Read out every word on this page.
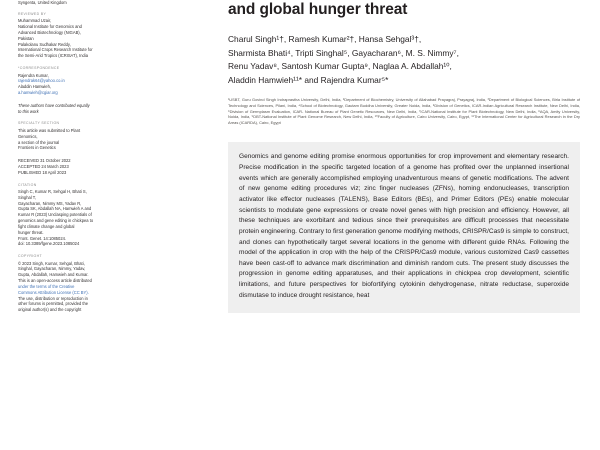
Syngenta, United Kingdom
REVIEWED BY
Muhammad Uzair,
National Institute for Genomics and
Advanced Biotechnology (NIGAB),
Pakistan
Palakolanu Sudhakar Reddy,
International Crops Research Institute for
the Semi-Arid Tropics (ICRISAT), India
*CORRESPONDENCE
Rajendra Kumar,
rajendrak64@yahoo.co.in
Aladdin Hamwieh,
a.hamwieh@cgiar.org
These authors have contributed equally
to this work
SPECIALTY SECTION
This article was submitted to Plant
Genomics,
a section of the journal
Frontiers in Genetics
RECEIVED 31 October 2022
ACCEPTED 24 March 2023
PUBLISHED 18 April 2023
CITATION
Singh C, Kumar R, Sehgal H, Bhati S,
Singhal T,
Gayacharan, Nimmy MS, Yadav R,
Gupta SK, Abdallah NA, Hamwieh A and
Kumar R (2023) Unclasping potentials of
genomics and gene editing in chickpea to
fight climate change and global
hunger threat.
Front. Genet. 14:1085024.
doi: 10.3389/fgene.2023.1085024
COPYRIGHT
© 2023 Singh, Kumar, Sehgal, Bhati,
Singhal, Gayacharan, Nimmy, Yadav,
Gupta, Abdallah, Hamwieh and Kumar.
This is an open-access article distributed
under the terms of the Creative
Commons Attribution License (CC BY).
The use, distribution or reproduction in
other forums is permitted, provided the
original author(s) and the copyright
and global hunger threat
Charul Singh¹†, Ramesh Kumar²†, Hansa Sehgal³†,
Sharmista Bhati⁴, Tripti Singhal⁵, Gayacharan⁶, M. S. Nimmy⁷,
Renu Yadav⁸, Santosh Kumar Gupta⁹, Naglaa A. Abdallah¹⁰,
Aladdin Hamwieh¹¹* and Rajendra Kumar⁵*
¹USBT, Guru Govind Singh Indraprastha University, Delhi, India, ²Department of Biochemistry, University of Allahabad Prayagraj, Prayagraj, India, ³Department of Biological Sciences, Birla Institute of Technology and Sciences, Pilani, India, ⁴School of Biotechnology, Gautam Buddha University, Greater Noida, India, ⁵Division of Genetics, ICAR-Indian Agricultural Research Institute, New Delhi, India, ⁶Division of Germplasm Evaluation, ICAR- National Bureau of Plant Genetic Resources, New Delhi, India, ⁷ICAR-National Institute for Plant Biotechnology, New Delhi, India, ⁸AQA, Amity University, Noida, India, ⁹DBT-National Institute of Plant Genome Research, New Delhi, India, ¹⁰Faculty of Agriculture, Cairo University, Cairo, Egypt, ¹¹The International Center for Agricultural Research in the Dry Areas (ICARDA), Cairo, Egypt

Genomics and genome editing promise enormous opportunities for crop improvement and elementary research. Precise modification in the specific targeted location of a genome has profited over the unplanned insertional events which are generally accomplished employing unadventurous means of genetic modifications. The advent of new genome editing procedures viz; zinc finger nucleases (ZFNs), homing endonucleases, transcription activator like effector nucleases (TALENS), Base Editors (BEs), and Primer Editors (PEs) enable molecular scientists to modulate gene expressions or create novel genes with high precision and efficiency. However, all these techniques are exorbitant and tedious since their prerequisites are difficult processes that necessitate protein engineering. Contrary to first generation genome modifying methods, CRISPR/Cas9 is simple to construct, and clones can hypothetically target several locations in the genome with different guide RNAs. Following the model of the application in crop with the help of the CRISPR/Cas9 module, various customized Cas9 cassettes have been cast-off to advance mark discrimination and diminish random cuts. The present study discusses the progression in genome editing apparatuses, and their applications in chickpea crop development, scientific limitations, and future perspectives for biofortifying cytokinin dehydrogenase, nitrate reductase, superoxide dismutase to induce drought resistance, heat
